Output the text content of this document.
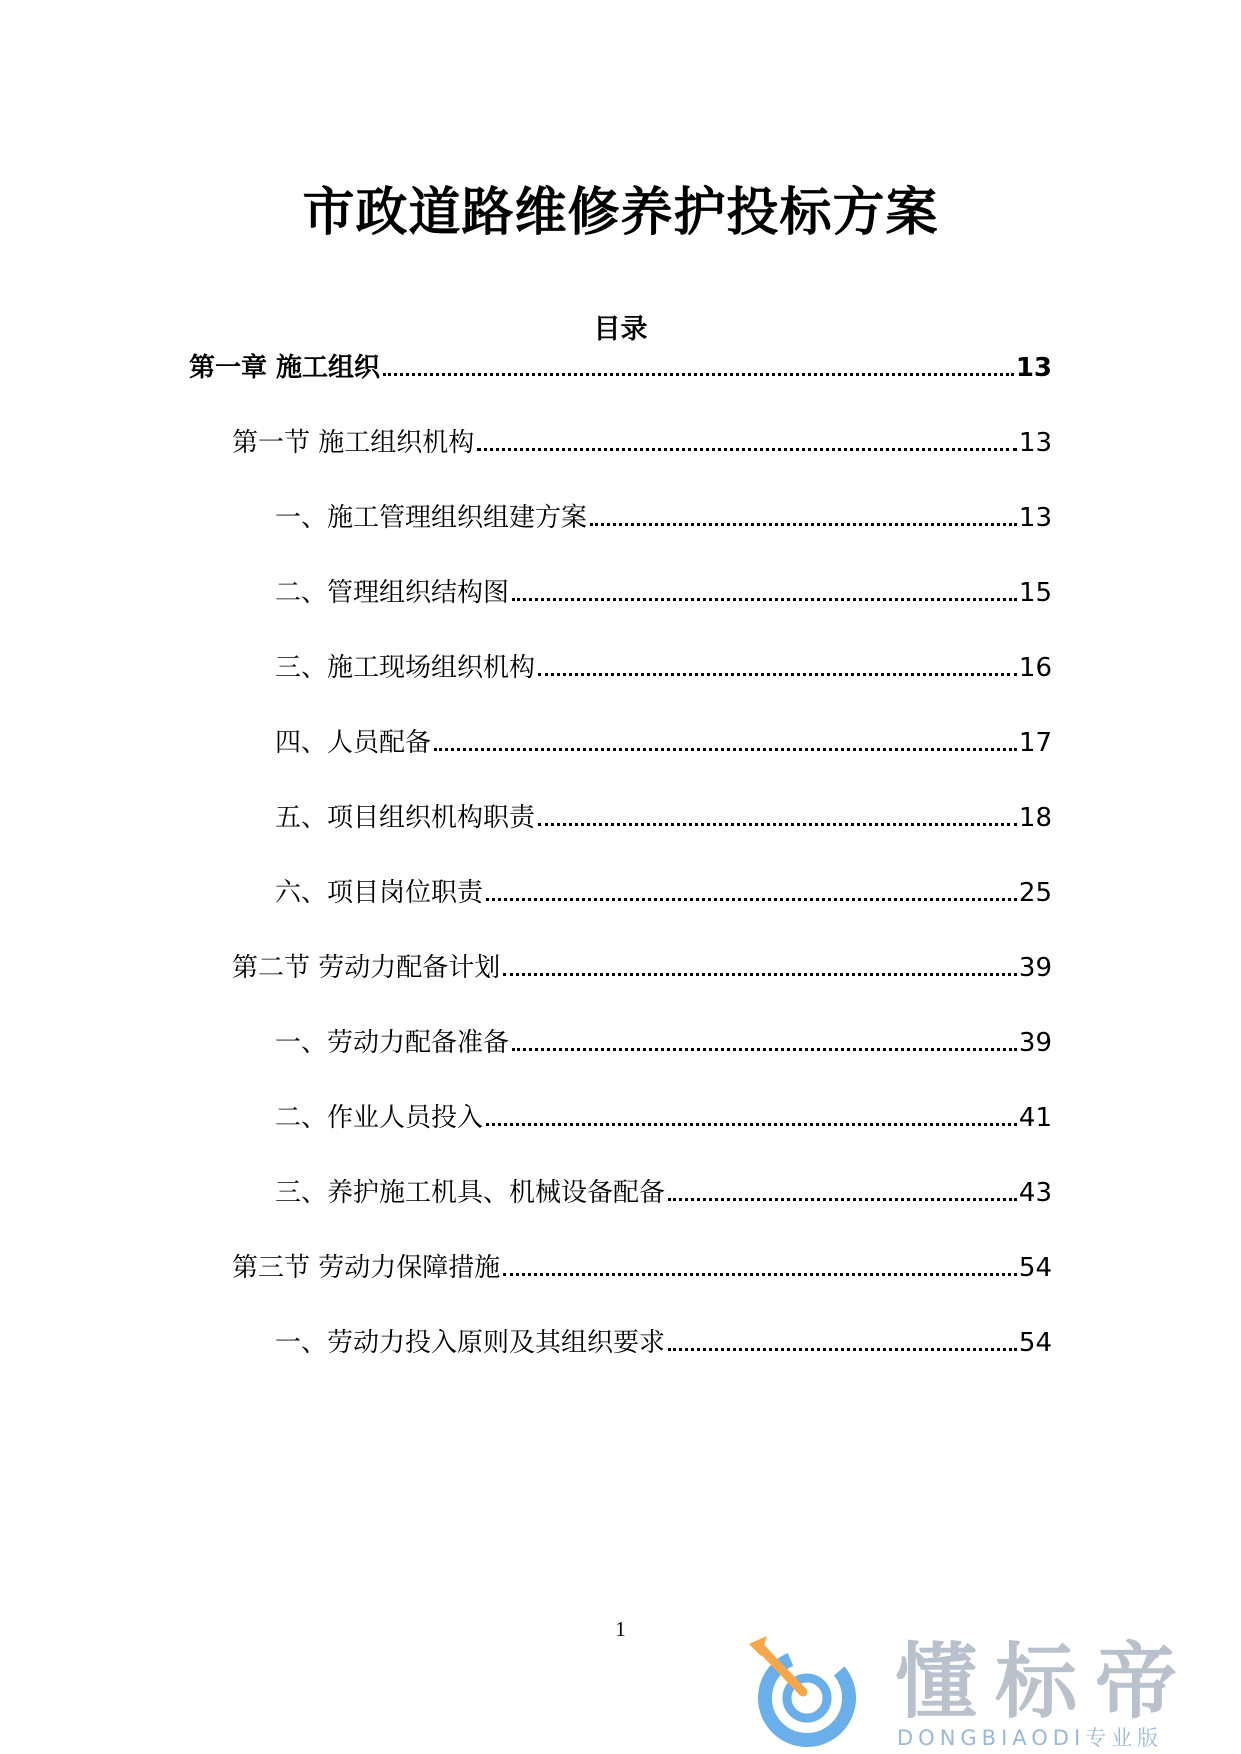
市政道路维修养护投标方案
目录
第一章 施工组织	13
第一节 施工组织机构	13
一、施工管理组织组建方案	13
二、管理组织结构图	15
三、施工现场组织机构	16
四、人员配备	17
五、项目组织机构职责	18
六、项目岗位职责	25
第二节 劳动力配备计划	39
一、劳动力配备准备	39
二、作业人员投入	41
三、养护施工机具、机械设备配备	43
第三节 劳动力保障措施	54
一、劳动力投入原则及其组织要求	54
1
懂标帝
DONGBIAODI专业版
